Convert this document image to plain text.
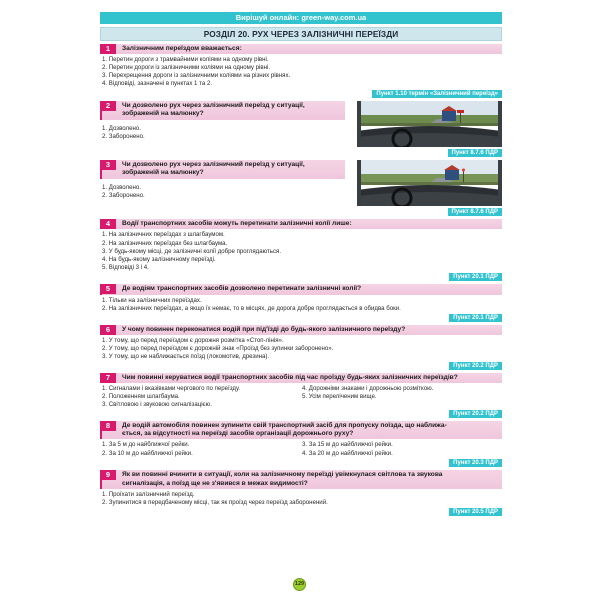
Вирішуй онлайн: green-way.com.ua
РОЗДІЛ 20. РУХ ЧЕРЕЗ ЗАЛІЗНИЧНІ ПЕРЕЇЗДИ
1	Залізничним переїздом вважається:
1. Перетин дороги з трамвайними коліями на одному рівні.
2. Перетин дороги із залізничними коліями на одному рівні.
3. Перехрещення дороги із залізничними коліями на різних рівнях.
4. Відповіді, зазначені в пунктах 1 та 2.
Пункт 1.10 термін «Залізничний переїзд»
2	Чи дозволено рух через залізничний переїзд у ситуації,
зображеній на малюнку?
1. Дозволено.
2. Заборонено.
Пункт 8.7.6 ПДР
3	Чи дозволено рух через залізничний переїзд у ситуації,
зображеній на малюнку?
1. Дозволено.
2. Заборонено.
Пункт 8.7.6 ПДР
4	Водії транспортних засобів можуть перетинати залізничні колії лише:
1. На залізничних переїздах з шлагбаумом.
2. На залізничних переїздах без шлагбаума.
3. У будь-якому місці, де залізничні колії добре проглядаються.
4. На будь-якому залізничному переїзді.
5. Відповіді 3 і 4.
Пункт 20.1 ПДР
5	Де водіям транспортних засобів дозволено перетинати залізничні колії?
1. Тільки на залізничних переїздах.
2. На залізничних переїздах, а якщо їх немає, то в місцях, де дорога добре проглядається в обидва боки.
Пункт 20.1 ПДР
6	У чому повинен переконатися водій при під'їзді до будь-якого залізничного переїзду?
1. У тому, що перед переїздом є дорожня розмітка «Стоп-лінія».
2. У тому, що перед переїздом є дорожній знак «Проїзд без зупинки заборонено».
3. У тому, що не наближається поїзд (локомотив, дрезина).
Пункт 20.2 ПДР
7	Чим повинні керуватися водії транспортних засобів під час проїзду будь-яких залізничних переїздів?
1. Сигналами і вказівками чергового по переїзду.
2. Положенням шлагбаума.
3. Світловою і звуковою сигналізацією.
4. Дорожніми знаками і дорожньою розміткою.
5. Усім переліченим вище.
Пункт 20.2 ПДР
8	Де водій автомобіля повинен зупинити свій транспортний засіб для пропуску поїзда, що наближа-
ється, за відсутності на переїзді засобів організації дорожнього руху?
1. За 5 м до найближчої рейки.
2. За 10 м до найближчої рейки.
3. За 15 м до найближчої рейки.
4. За 20 м до найближчої рейки.
Пункт 20.3 ПДР
9	Як ви повинні вчинити в ситуації, коли на залізничному переїзді увімкнулася світлова та звукова
сигналізація, а поїзд ще не з'явився в межах видимості?
1. Проїхати залізничний переїзд.
2. Зупинитися в передбаченому місці, так як проїзд через переїзд заборонений.
Пункт 20.5 ПДР
129
